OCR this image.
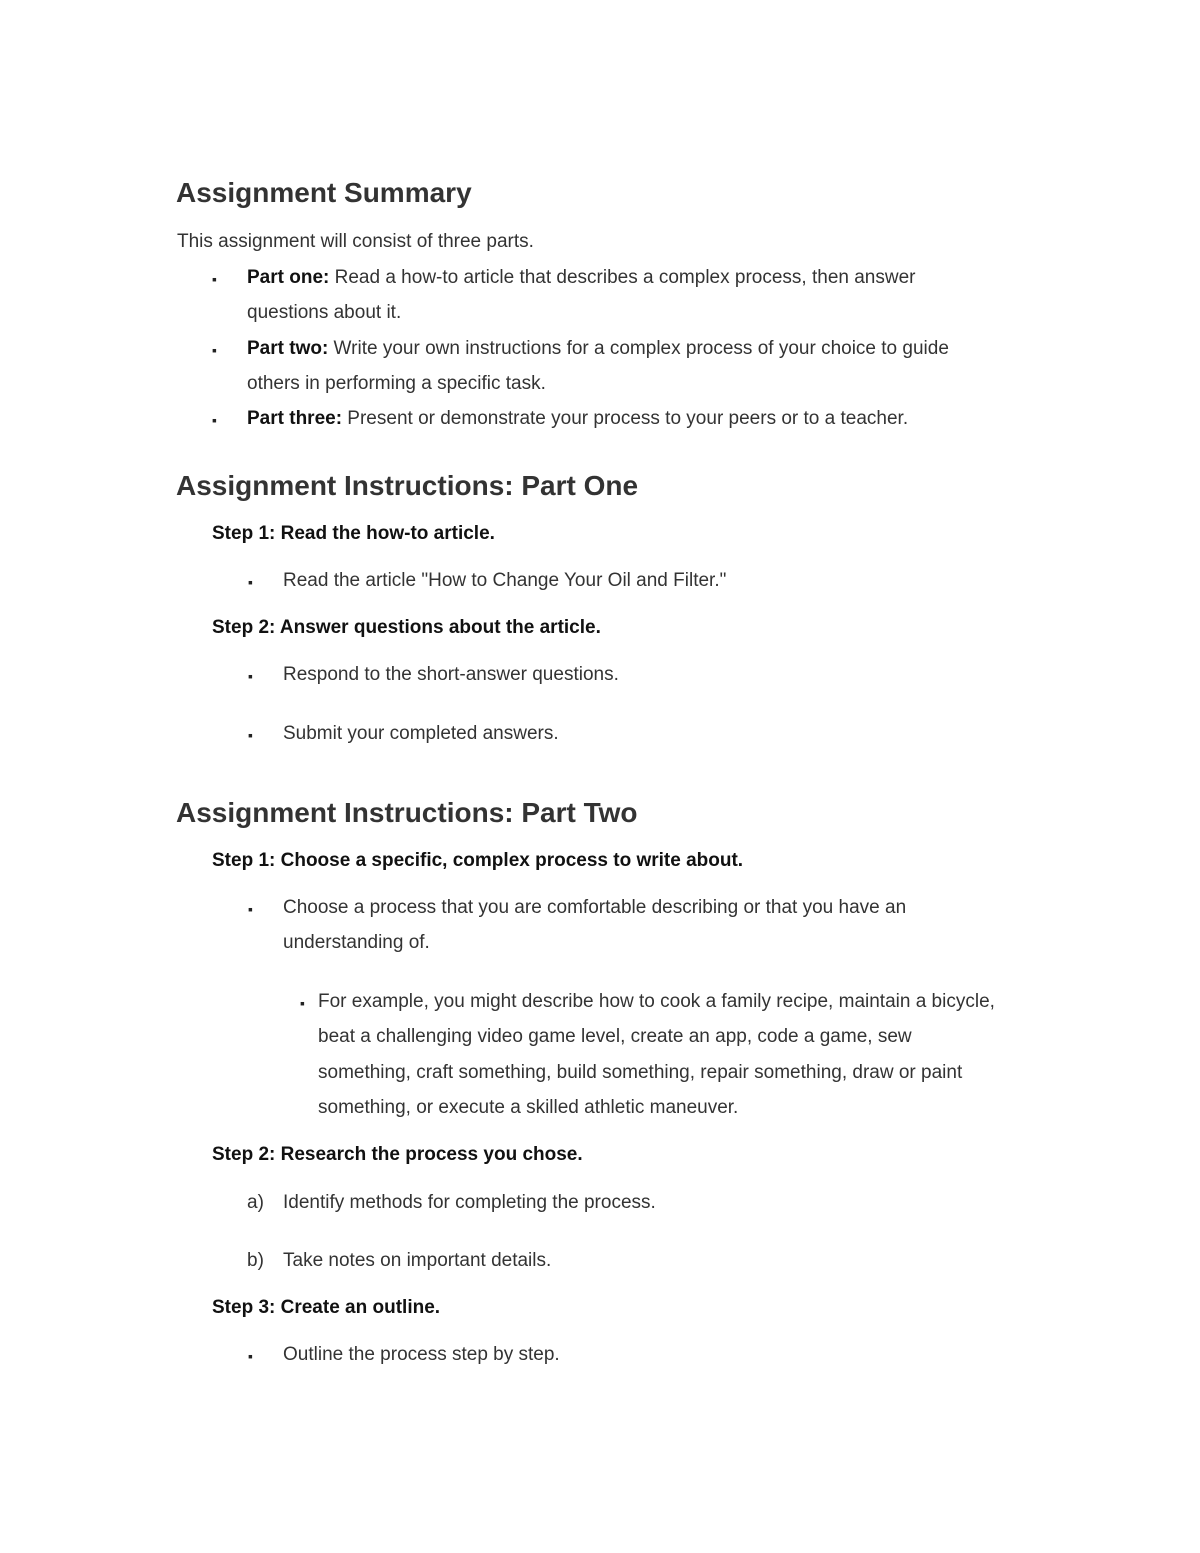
Assignment Summary
This assignment will consist of three parts.
▪ Part one: Read a how-to article that describes a complex process, then answer
questions about it.
▪ Part two: Write your own instructions for a complex process of your choice to guide
others in performing a specific task.
▪ Part three: Present or demonstrate your process to your peers or to a teacher.
Assignment Instructions: Part One
Step 1: Read the how-to article.
▪ Read the article "How to Change Your Oil and Filter."
Step 2: Answer questions about the article.
▪ Respond to the short-answer questions.
▪ Submit your completed answers.
Assignment Instructions: Part Two
Step 1: Choose a specific, complex process to write about.
▪ Choose a process that you are comfortable describing or that you have an
understanding of.
▪ For example, you might describe how to cook a family recipe, maintain a bicycle,
beat a challenging video game level, create an app, code a game, sew
something, craft something, build something, repair something, draw or paint
something, or execute a skilled athletic maneuver.
Step 2: Research the process you chose.
a) Identify methods for completing the process.
b) Take notes on important details.
Step 3: Create an outline.
▪ Outline the process step by step.
